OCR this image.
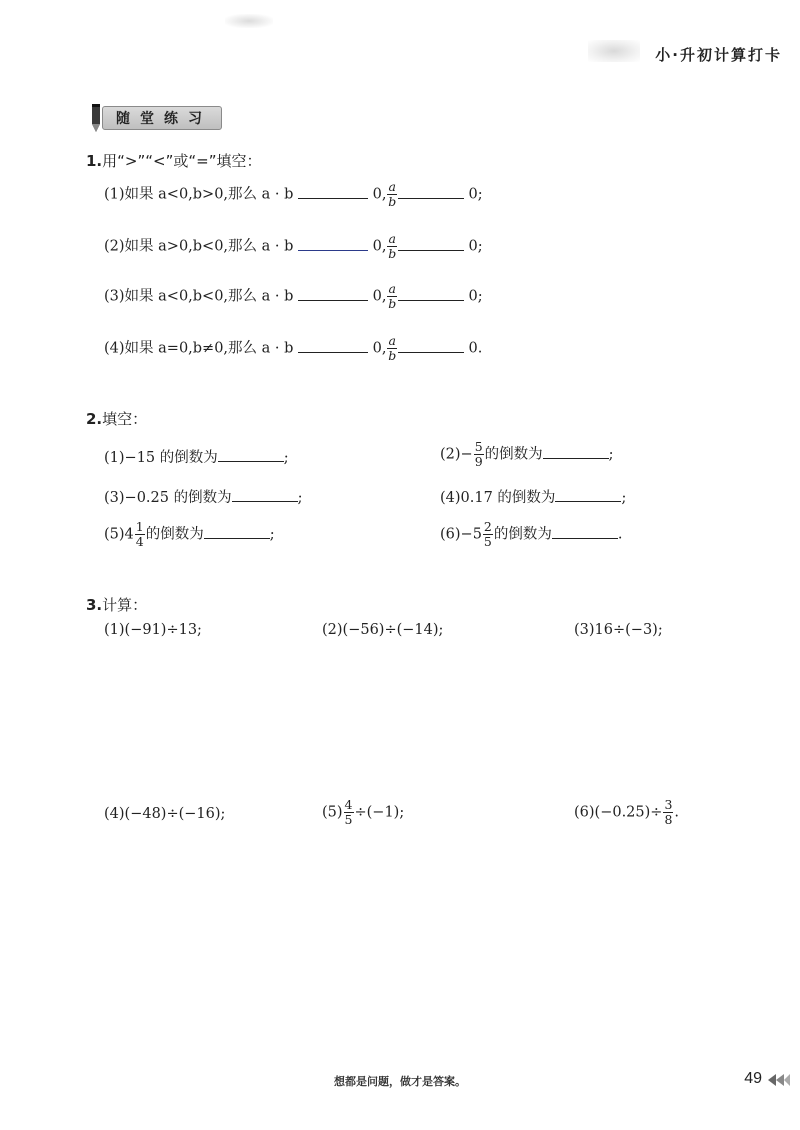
小·升初计算打卡
随堂练习
1.用“>”“<”或“=”填空：
(1)如果 a<0,b>0,那么 a · b	0, $\frac{a}{b}$	0;
(2)如果 a>0,b<0,那么 a · b	0, $\frac{a}{b}$	0;
(3)如果 a<0,b<0,那么 a · b	0, $\frac{a}{b}$	0;
(4)如果 a=0,b≠0,那么 a · b	0, $\frac{a}{b}$	0.
2.填空：
(1)−15 的倒数为	;	$(2)- \frac{5}{9}$ 的倒数为	;
(3)−0.25 的倒数为	;	(4)0.17 的倒数为	;
$(5)4 \frac{1}{4}$ 的倒数为	;	$(6)-5 \frac{2}{5}$ 的倒数为	.
3.计算：
(1)(−91)÷13;	(2)(−56)÷(−14);	(3)16÷(−3);
(4)(−48)÷(−16);	$(5) \frac{4}{5} \div(-1)$;	$(6)(-0.25)\div \frac{3}{8}$ .
想都是问题，做才是答案。	49
